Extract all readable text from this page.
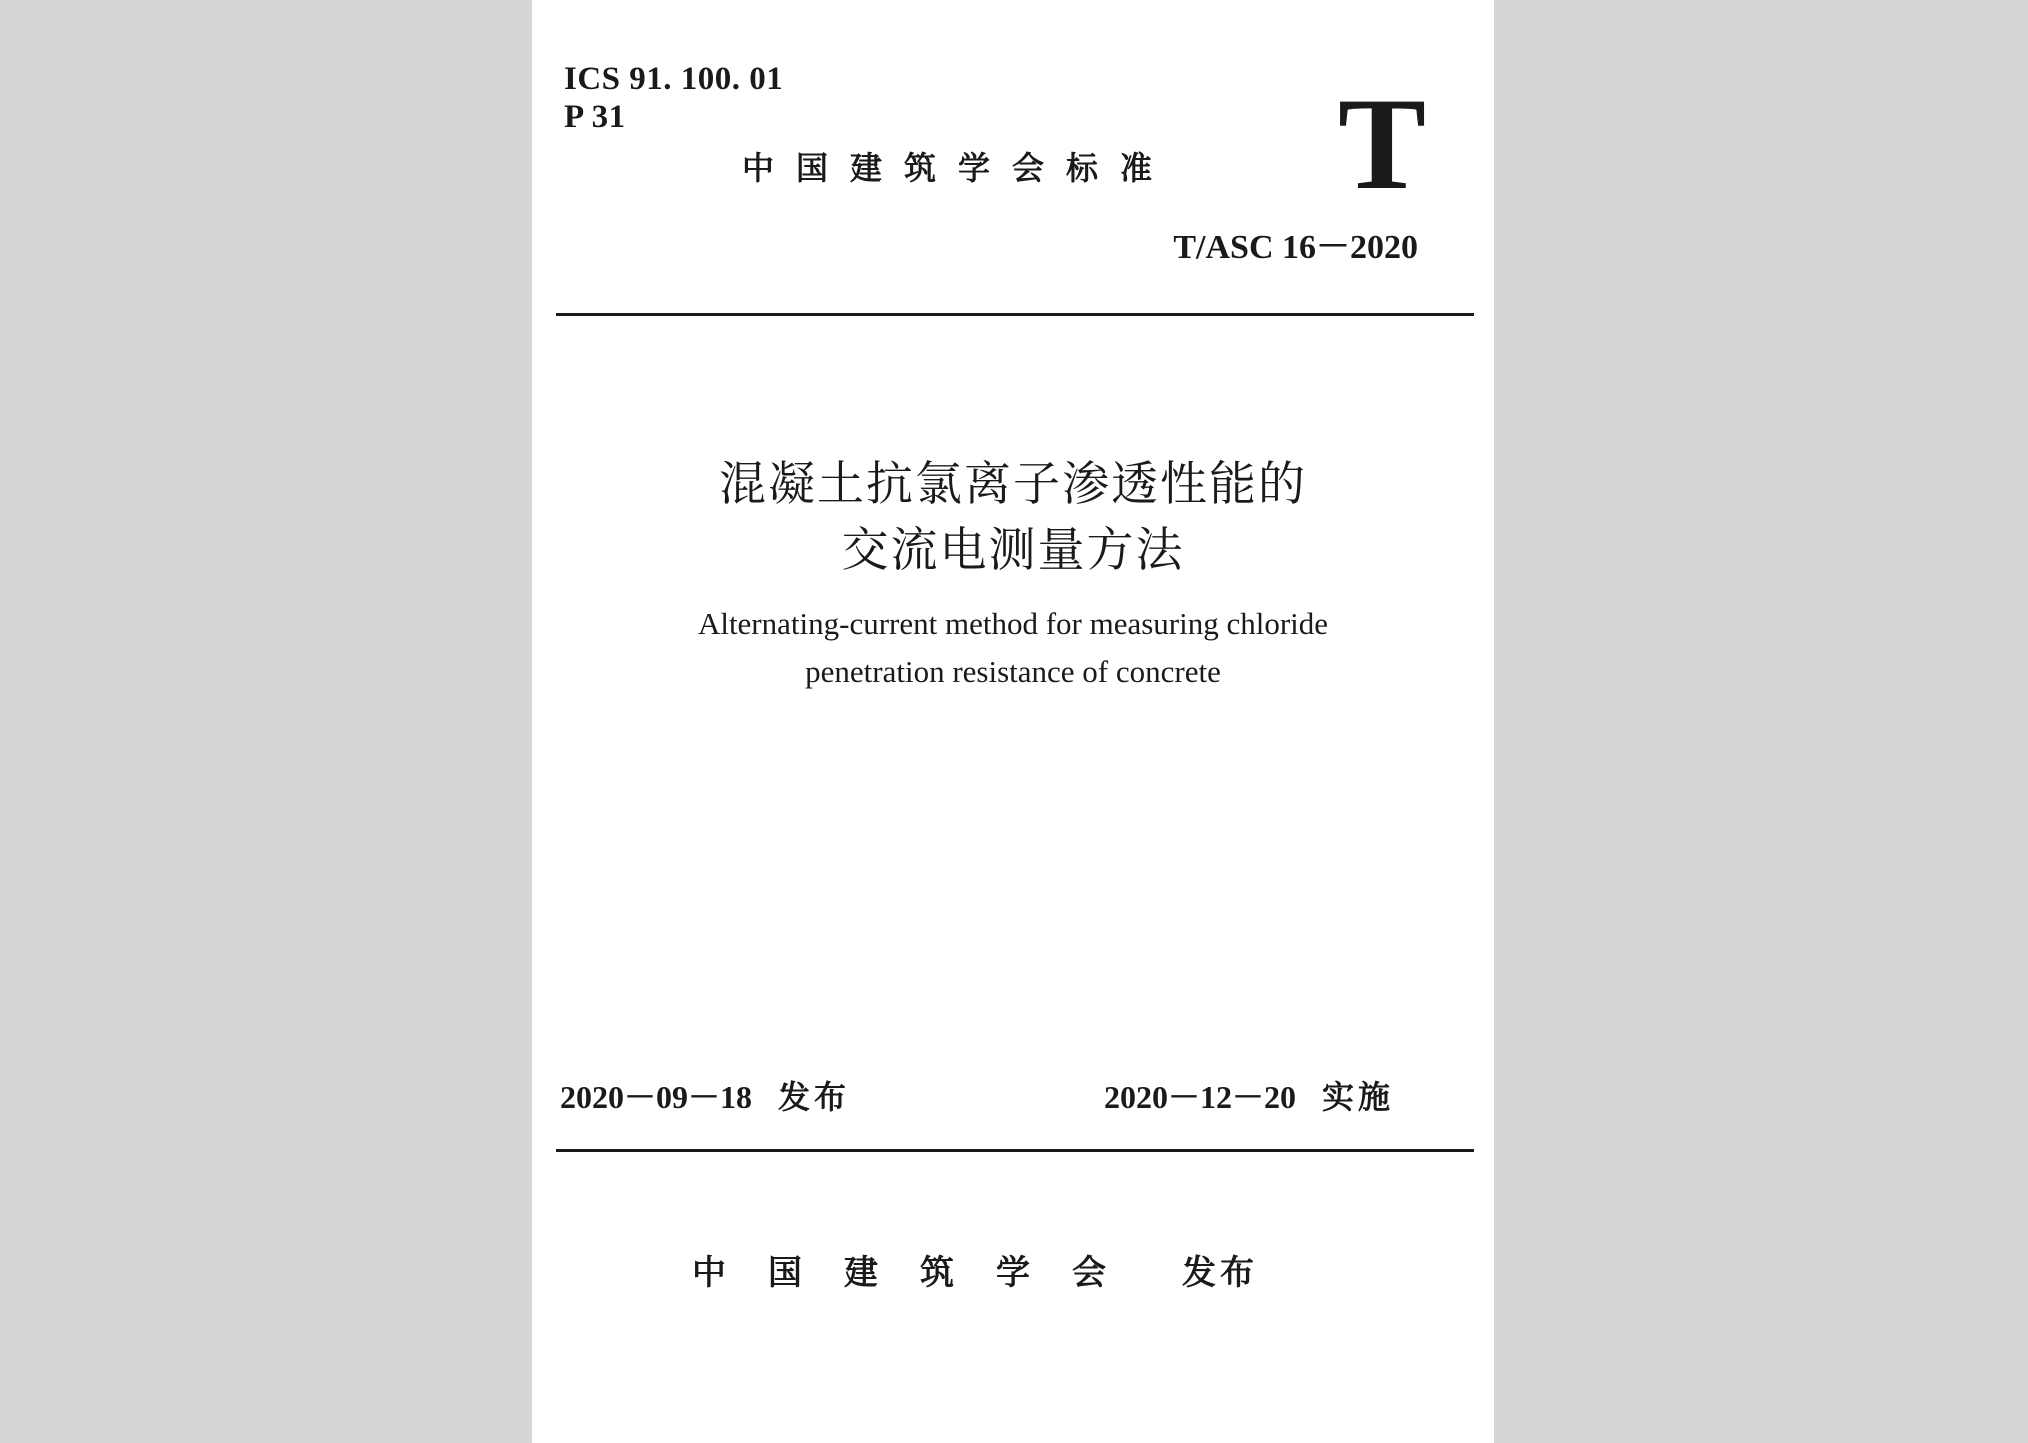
ICS 91. 100. 01
P 31	T
中国建筑学会标准
T/ASC 16－2020
混凝土抗氯离子渗透性能的
交流电测量方法
Alternating-current method for measuring chloride
penetration resistance of concrete
2020－09－18 发布	2020－12－20 实施
中国建筑学会 发布
